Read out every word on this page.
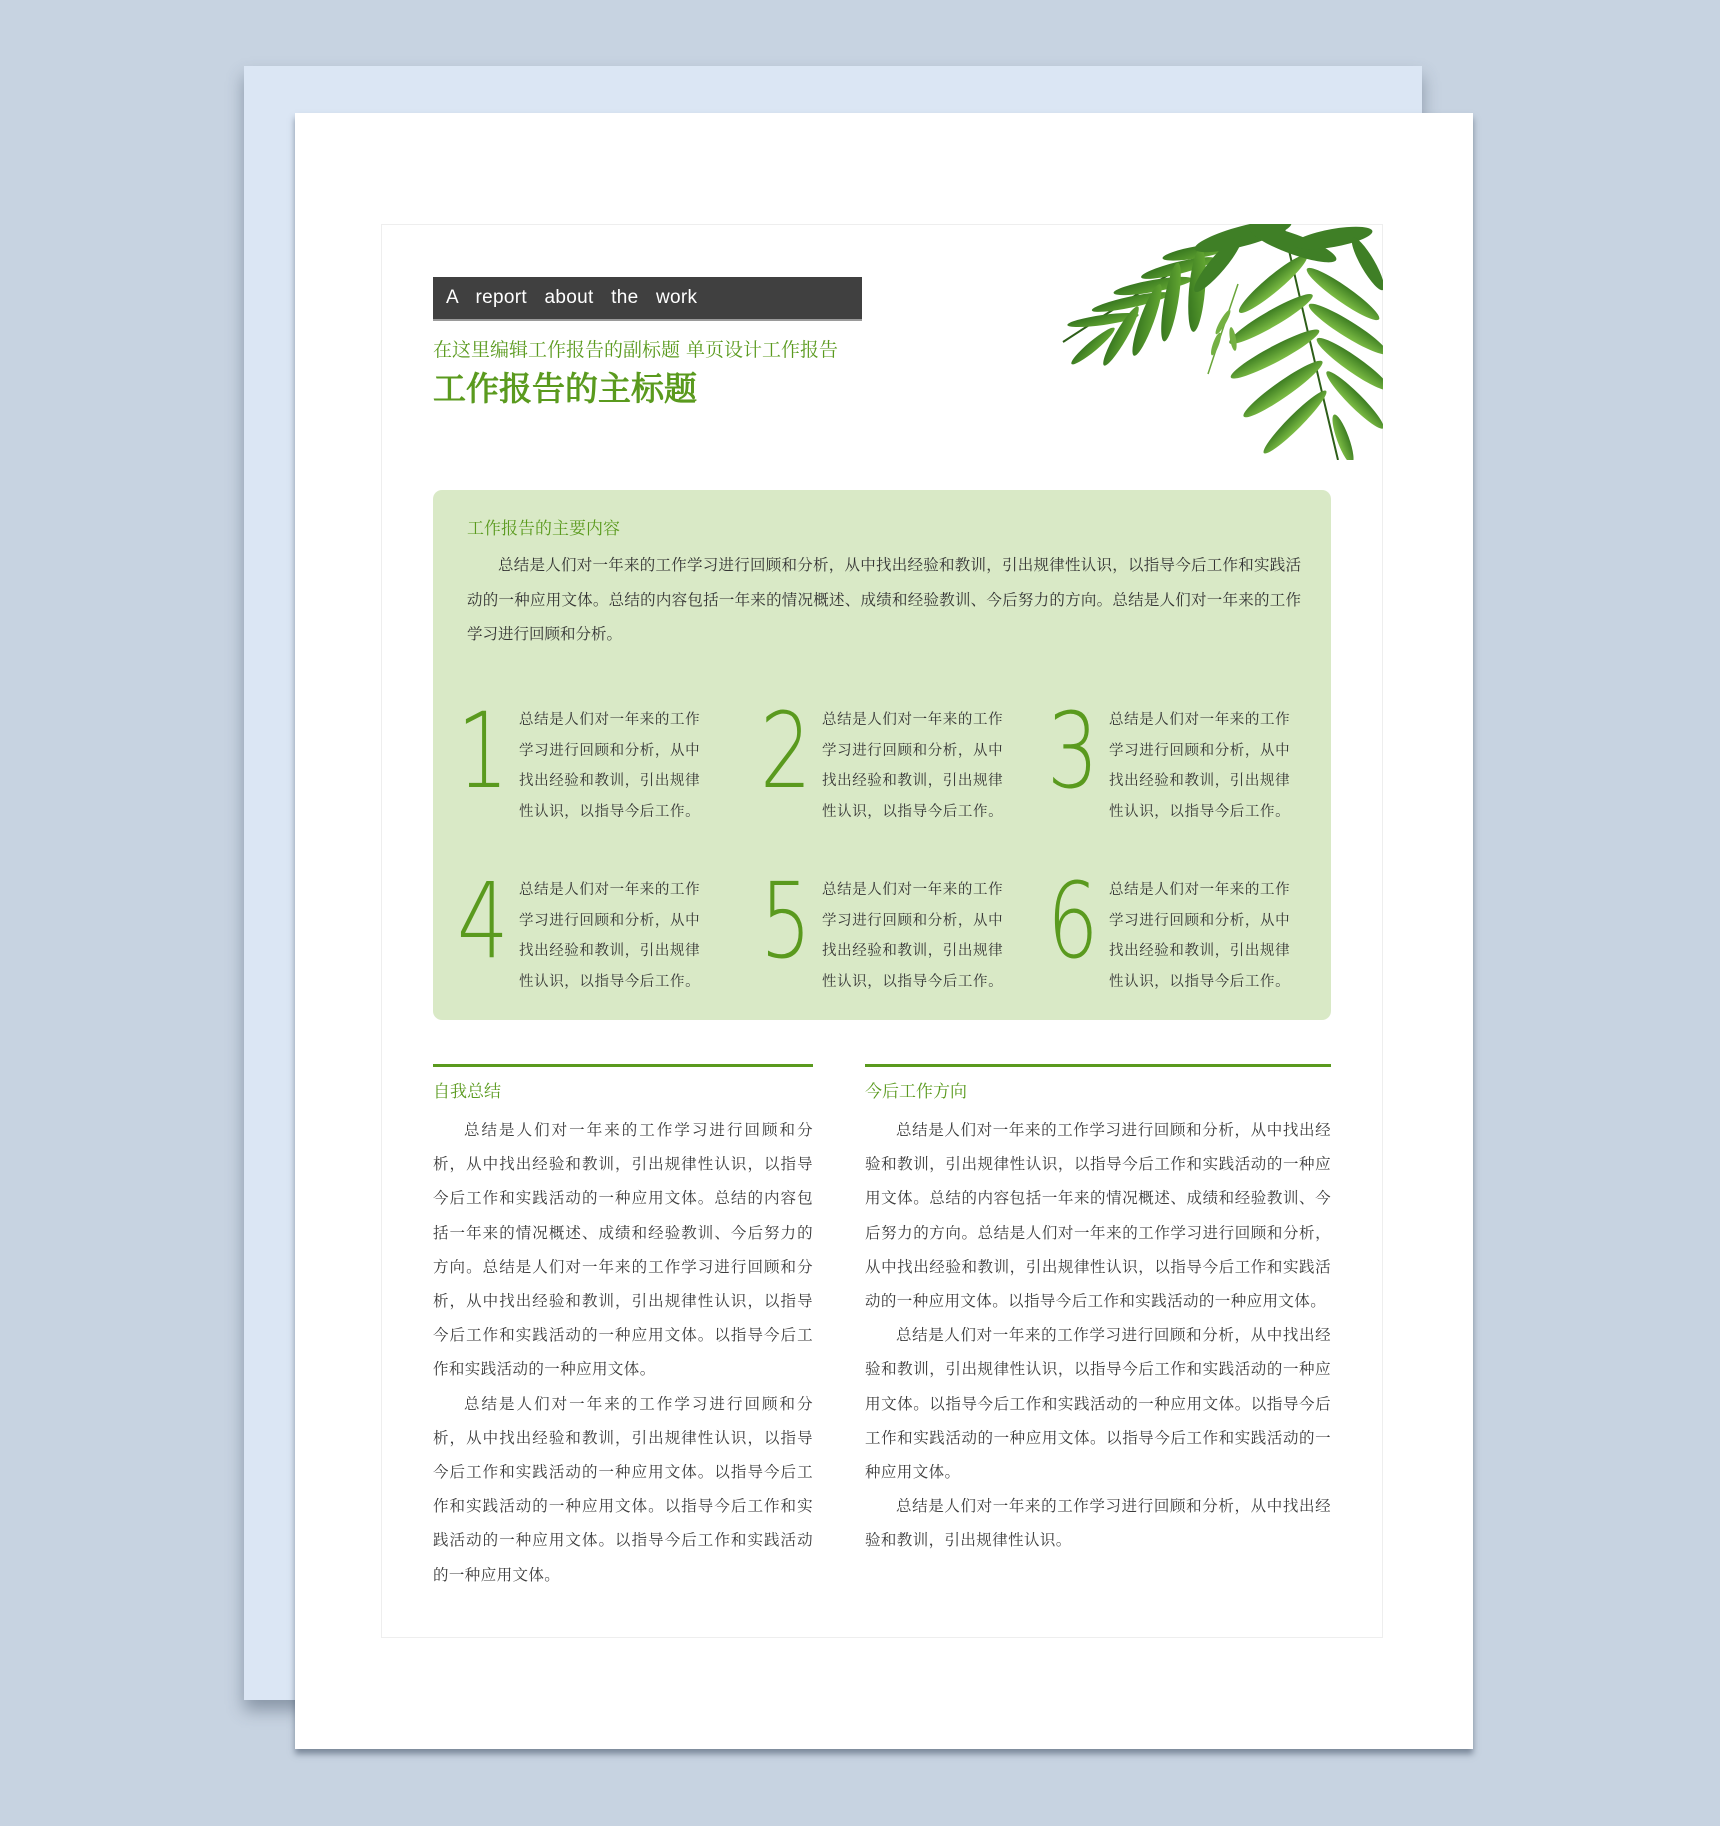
A report about the work
在这里编辑工作报告的副标题 单页设计工作报告
工作报告的主标题
工作报告的主要内容
总结是人们对一年来的工作学习进行回顾和分析，从中找出经验和教训，引出规律性认识，以指导今后工作和实践活动的一种应用文体。总结的内容包括一年来的情况概述、成绩和经验教训、今后努力的方向。总结是人们对一年来的工作学习进行回顾和分析。
1 总结是人们对一年来的工作学习进行回顾和分析，从中找出经验和教训，引出规律性认识，以指导今后工作。 2 总结是人们对一年来的工作学习进行回顾和分析，从中找出经验和教训，引出规律性认识，以指导今后工作。 3 总结是人们对一年来的工作学习进行回顾和分析，从中找出经验和教训，引出规律性认识，以指导今后工作。
4 总结是人们对一年来的工作学习进行回顾和分析，从中找出经验和教训，引出规律性认识，以指导今后工作。 5 总结是人们对一年来的工作学习进行回顾和分析，从中找出经验和教训，引出规律性认识，以指导今后工作。 6 总结是人们对一年来的工作学习进行回顾和分析，从中找出经验和教训，引出规律性认识，以指导今后工作。
自我总结

总结是人们对一年来的工作学习进行回顾和分析，从中找出经验和教训，引出规律性认识，以指导今后工作和实践活动的一种应用文体。总结的内容包括一年来的情况概述、成绩和经验教训、今后努力的方向。总结是人们对一年来的工作学习进行回顾和分析，从中找出经验和教训，引出规律性认识，以指导今后工作和实践活动的一种应用文体。以指导今后工作和实践活动的一种应用文体。

总结是人们对一年来的工作学习进行回顾和分析，从中找出经验和教训，引出规律性认识，以指导今后工作和实践活动的一种应用文体。以指导今后工作和实践活动的一种应用文体。以指导今后工作和实践活动的一种应用文体。以指导今后工作和实践活动的一种应用文体。

今后工作方向

总结是人们对一年来的工作学习进行回顾和分析，从中找出经验和教训，引出规律性认识，以指导今后工作和实践活动的一种应用文体。总结的内容包括一年来的情况概述、成绩和经验教训、今后努力的方向。总结是人们对一年来的工作学习进行回顾和分析，从中找出经验和教训，引出规律性认识，以指导今后工作和实践活动的一种应用文体。以指导今后工作和实践活动的一种应用文体。

总结是人们对一年来的工作学习进行回顾和分析，从中找出经验和教训，引出规律性认识，以指导今后工作和实践活动的一种应用文体。以指导今后工作和实践活动的一种应用文体。以指导今后工作和实践活动的一种应用文体。以指导今后工作和实践活动的一种应用文体。

总结是人们对一年来的工作学习进行回顾和分析，从中找出经验和教训，引出规律性认识。
